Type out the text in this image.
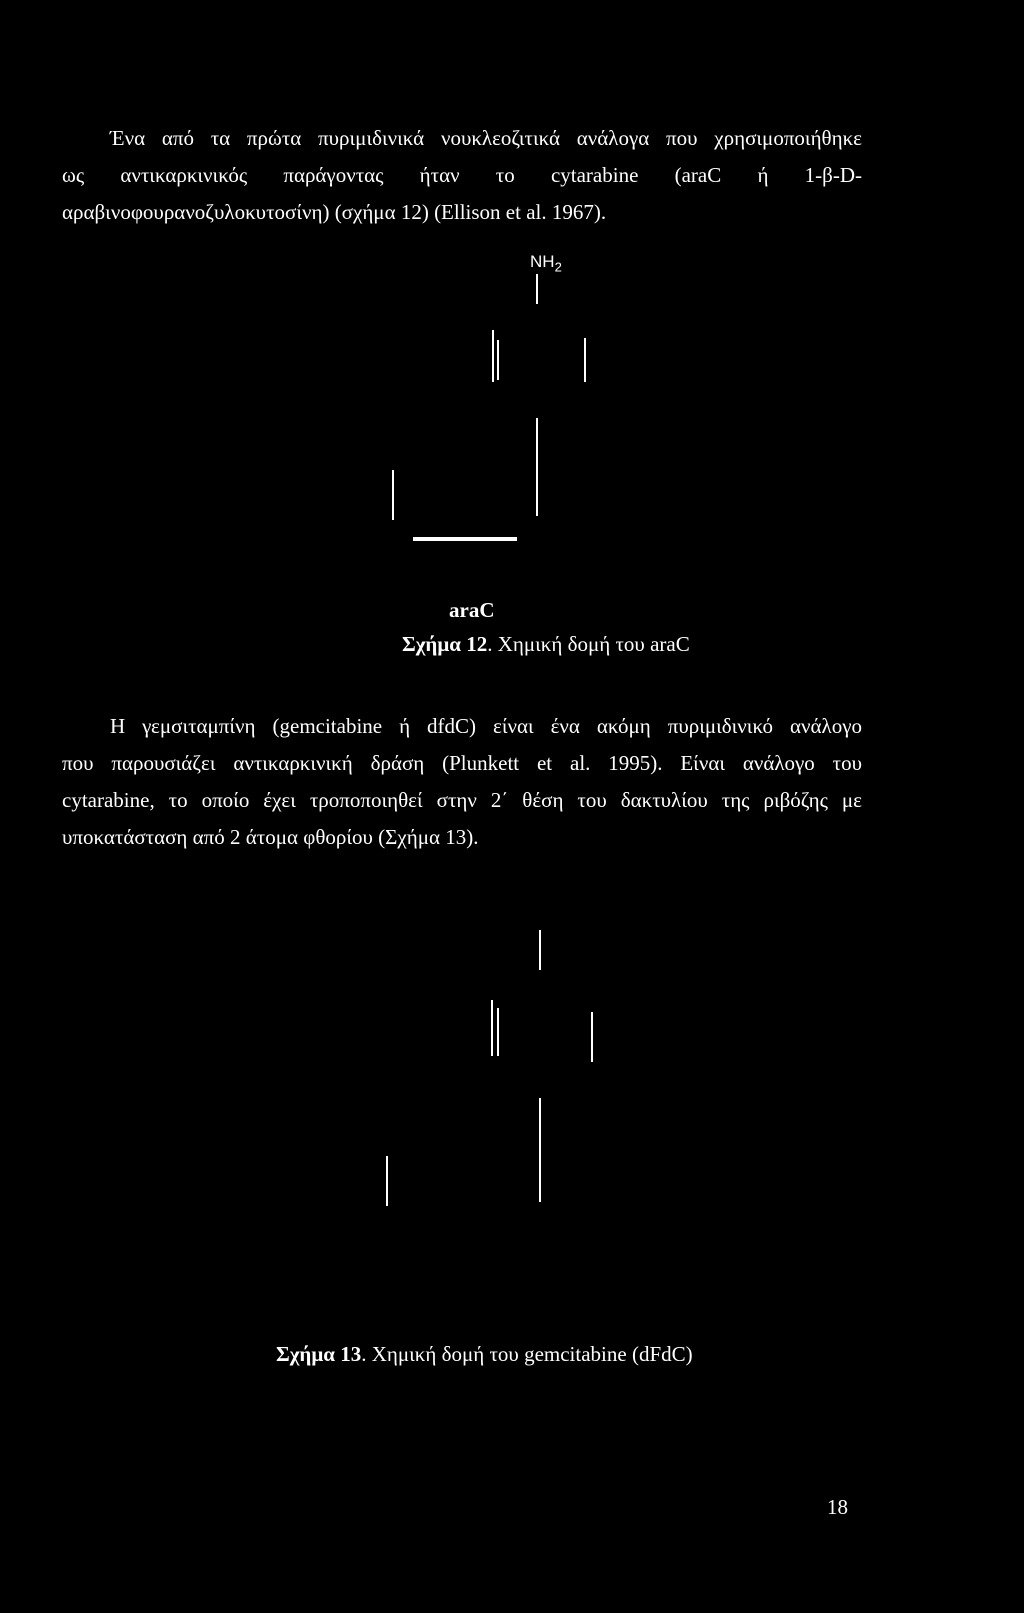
Ένα από τα πρώτα πυριμιδινικά νουκλεοζιτικά ανάλογα που χρησιμοποιήθηκε
ως αντικαρκινικός παράγοντας ήταν το cytarabine (araC ή 1-β-D-
αραβινοφουρανοζυλοκυτοσίνη) (σχήμα 12) (Ellison et al. 1967).
$NH_2$
araC
Σχήμα 12. Χημική δομή του araC
Η γεμσιταμπίνη (gemcitabine ή dfdC) είναι ένα ακόμη πυριμιδινικό ανάλογο
που παρουσιάζει αντικαρκινική δράση (Plunkett et al. 1995). Είναι ανάλογο του
cytarabine, το οποίο έχει τροποποιηθεί στην 2΄ θέση του δακτυλίου της ριβόζης με
υποκατάσταση από 2 άτομα φθορίου (Σχήμα 13).
Σχήμα 13. Χημική δομή του gemcitabine (dFdC)
18
